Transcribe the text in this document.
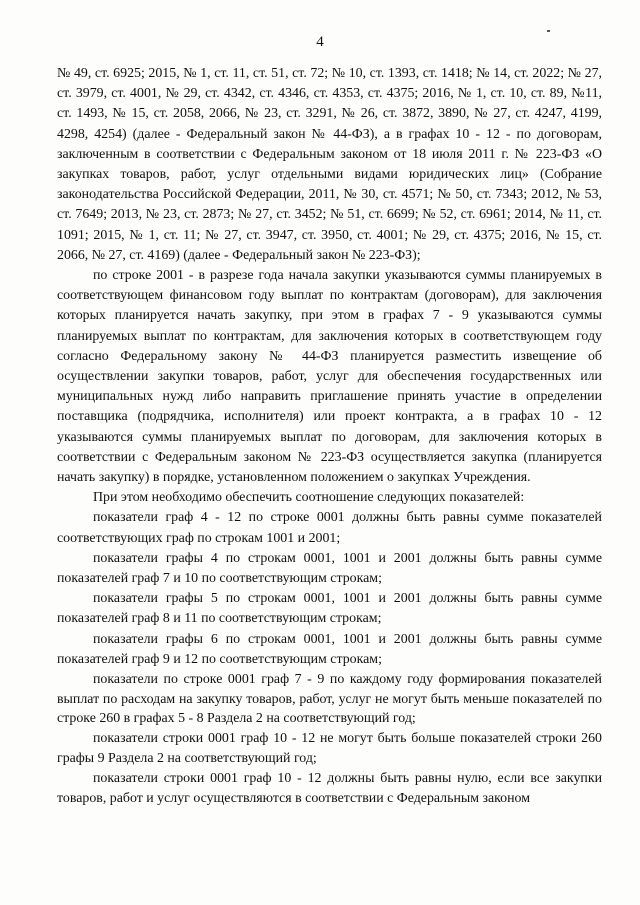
4

№ 49, ст. 6925; 2015, № 1, ст. 11, ст. 51, ст. 72; № 10, ст. 1393, ст. 1418; № 14, ст. 2022; № 27, ст. 3979, ст. 4001, № 29, ст. 4342, ст. 4346, ст. 4353, ст. 4375; 2016, № 1, ст. 10, ст. 89, №11, ст. 1493, № 15, ст. 2058, 2066, № 23, ст. 3291, № 26, ст. 3872, 3890, № 27, ст. 4247, 4199, 4298, 4254) (далее - Федеральный закон № 44-ФЗ), а в графах 10 - 12 - по договорам, заключенным в соответствии с Федеральным законом от 18 июля 2011 г. № 223-ФЗ «О закупках товаров, работ, услуг отдельными видами юридических лиц» (Собрание законодательства Российской Федерации, 2011, № 30, ст. 4571; № 50, ст. 7343; 2012, № 53, ст. 7649; 2013, № 23, ст. 2873; № 27, ст. 3452; № 51, ст. 6699; № 52, ст. 6961; 2014, № 11, ст. 1091; 2015, № 1, ст. 11; № 27, ст. 3947, ст. 3950, ст. 4001; № 29, ст. 4375; 2016, № 15, ст. 2066, № 27, ст. 4169) (далее - Федеральный закон № 223-ФЗ);

по строке 2001 - в разрезе года начала закупки указываются суммы планируемых в соответствующем финансовом году выплат по контрактам (договорам), для заключения которых планируется начать закупку, при этом в графах 7 - 9 указываются суммы планируемых выплат по контрактам, для заключения которых в соответствующем году согласно Федеральному закону № 44-ФЗ планируется разместить извещение об осуществлении закупки товаров, работ, услуг для обеспечения государственных или муниципальных нужд либо направить приглашение принять участие в определении поставщика (подрядчика, исполнителя) или проект контракта, а в графах 10 - 12 указываются суммы планируемых выплат по договорам, для заключения которых в соответствии с Федеральным законом № 223-ФЗ осуществляется закупка (планируется начать закупку) в порядке, установленном положением о закупках Учреждения.

При этом необходимо обеспечить соотношение следующих показателей:

показатели граф 4 - 12 по строке 0001 должны быть равны сумме показателей соответствующих граф по строкам 1001 и 2001;

показатели графы 4 по строкам 0001, 1001 и 2001 должны быть равны сумме показателей граф 7 и 10 по соответствующим строкам;

показатели графы 5 по строкам 0001, 1001 и 2001 должны быть равны сумме показателей граф 8 и 11 по соответствующим строкам;

показатели графы 6 по строкам 0001, 1001 и 2001 должны быть равны сумме показателей граф 9 и 12 по соответствующим строкам;

показатели по строке 0001 граф 7 - 9 по каждому году формирования показателей выплат по расходам на закупку товаров, работ, услуг не могут быть меньше показателей по строке 260 в графах 5 - 8 Раздела 2 на соответствующий год;

показатели строки 0001 граф 10 - 12 не могут быть больше показателей строки 260 графы 9 Раздела 2 на соответствующий год;

показатели строки 0001 граф 10 - 12 должны быть равны нулю, если все закупки товаров, работ и услуг осуществляются в соответствии с Федеральным законом
